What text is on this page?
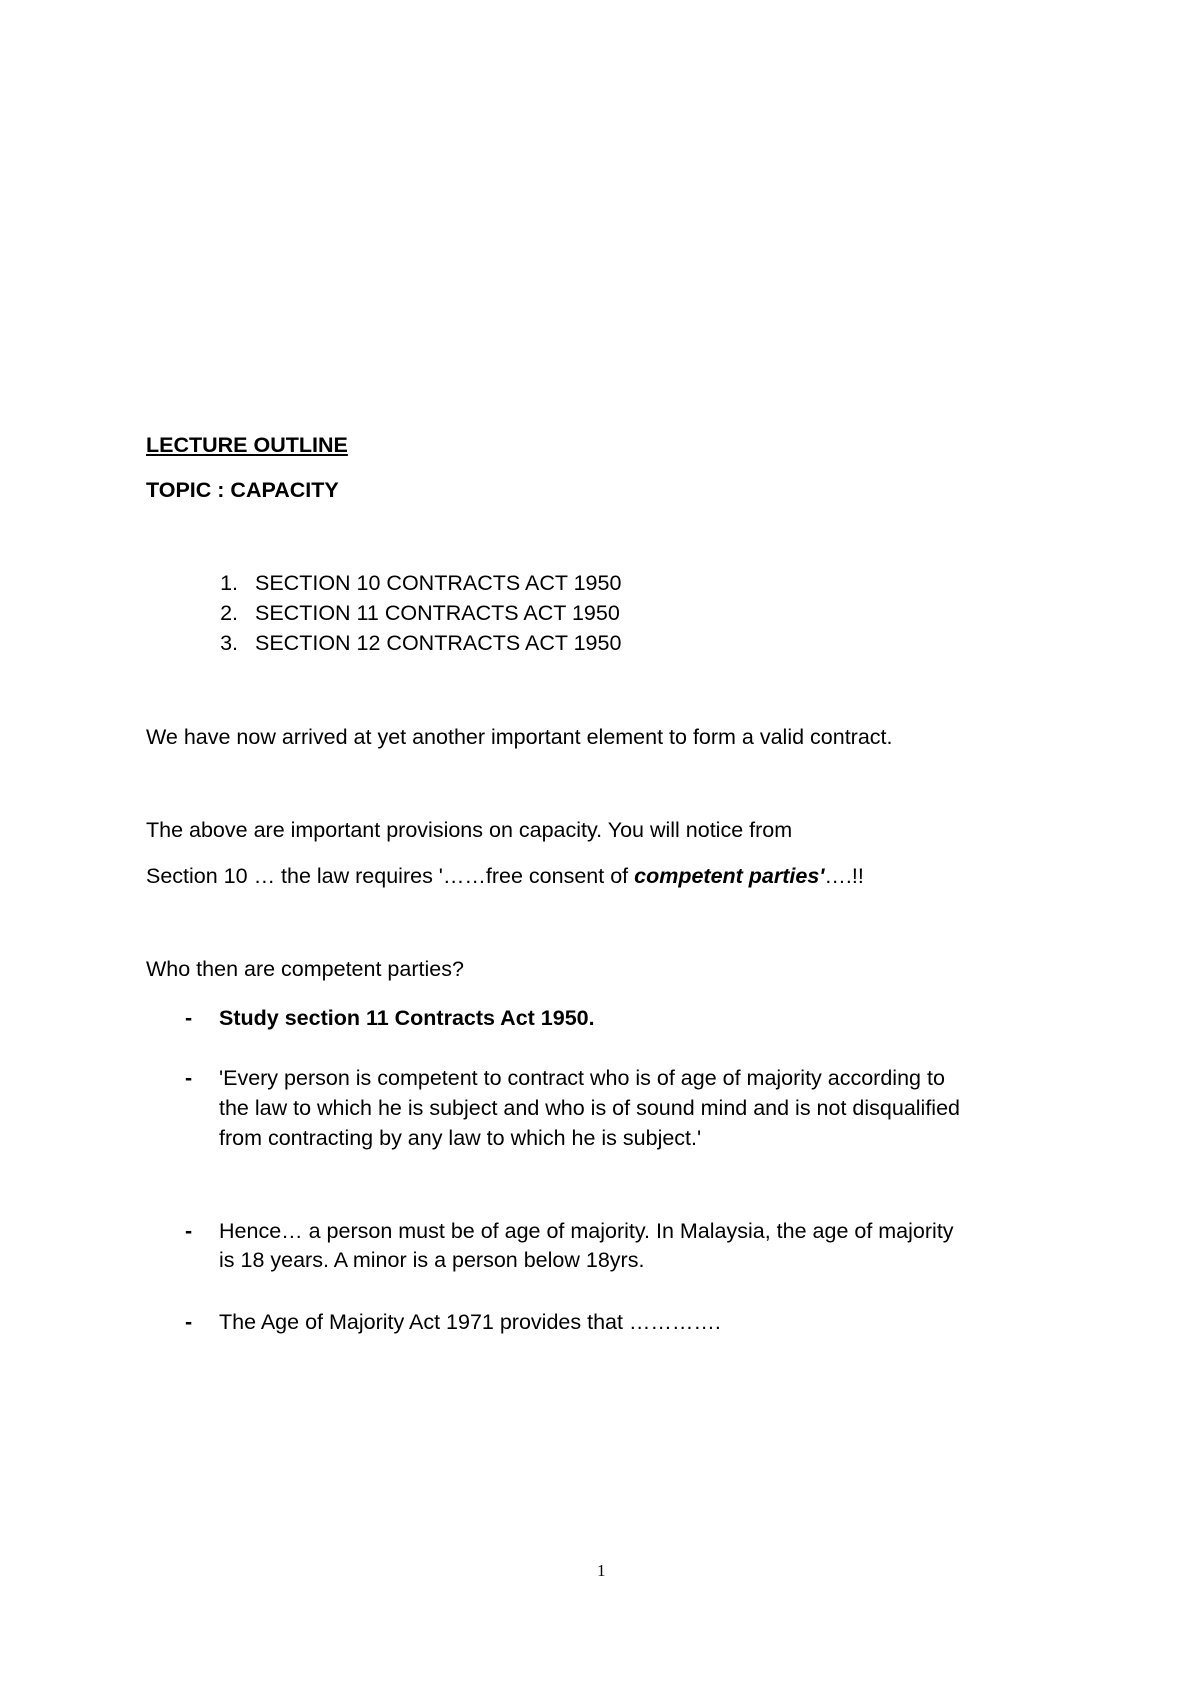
LECTURE OUTLINE
TOPIC : CAPACITY
1. SECTION 10 CONTRACTS ACT 1950
2. SECTION 11 CONTRACTS ACT 1950
3. SECTION 12 CONTRACTS ACT 1950
We have now arrived at yet another important element to form a valid contract.
The above are important provisions on capacity. You will notice from
Section 10 … the law requires '……free consent of competent parties'….!!
Who then are competent parties?
- Study section 11 Contracts Act 1950.
- 'Every person is competent to contract who is of age of majority according to
the law to which he is subject and who is of sound mind and is not disqualified
from contracting by any law to which he is subject.'
- Hence… a person must be of age of majority. In Malaysia, the age of majority
is 18 years. A minor is a person below 18yrs.
- The Age of Majority Act 1971 provides that ………….
1
